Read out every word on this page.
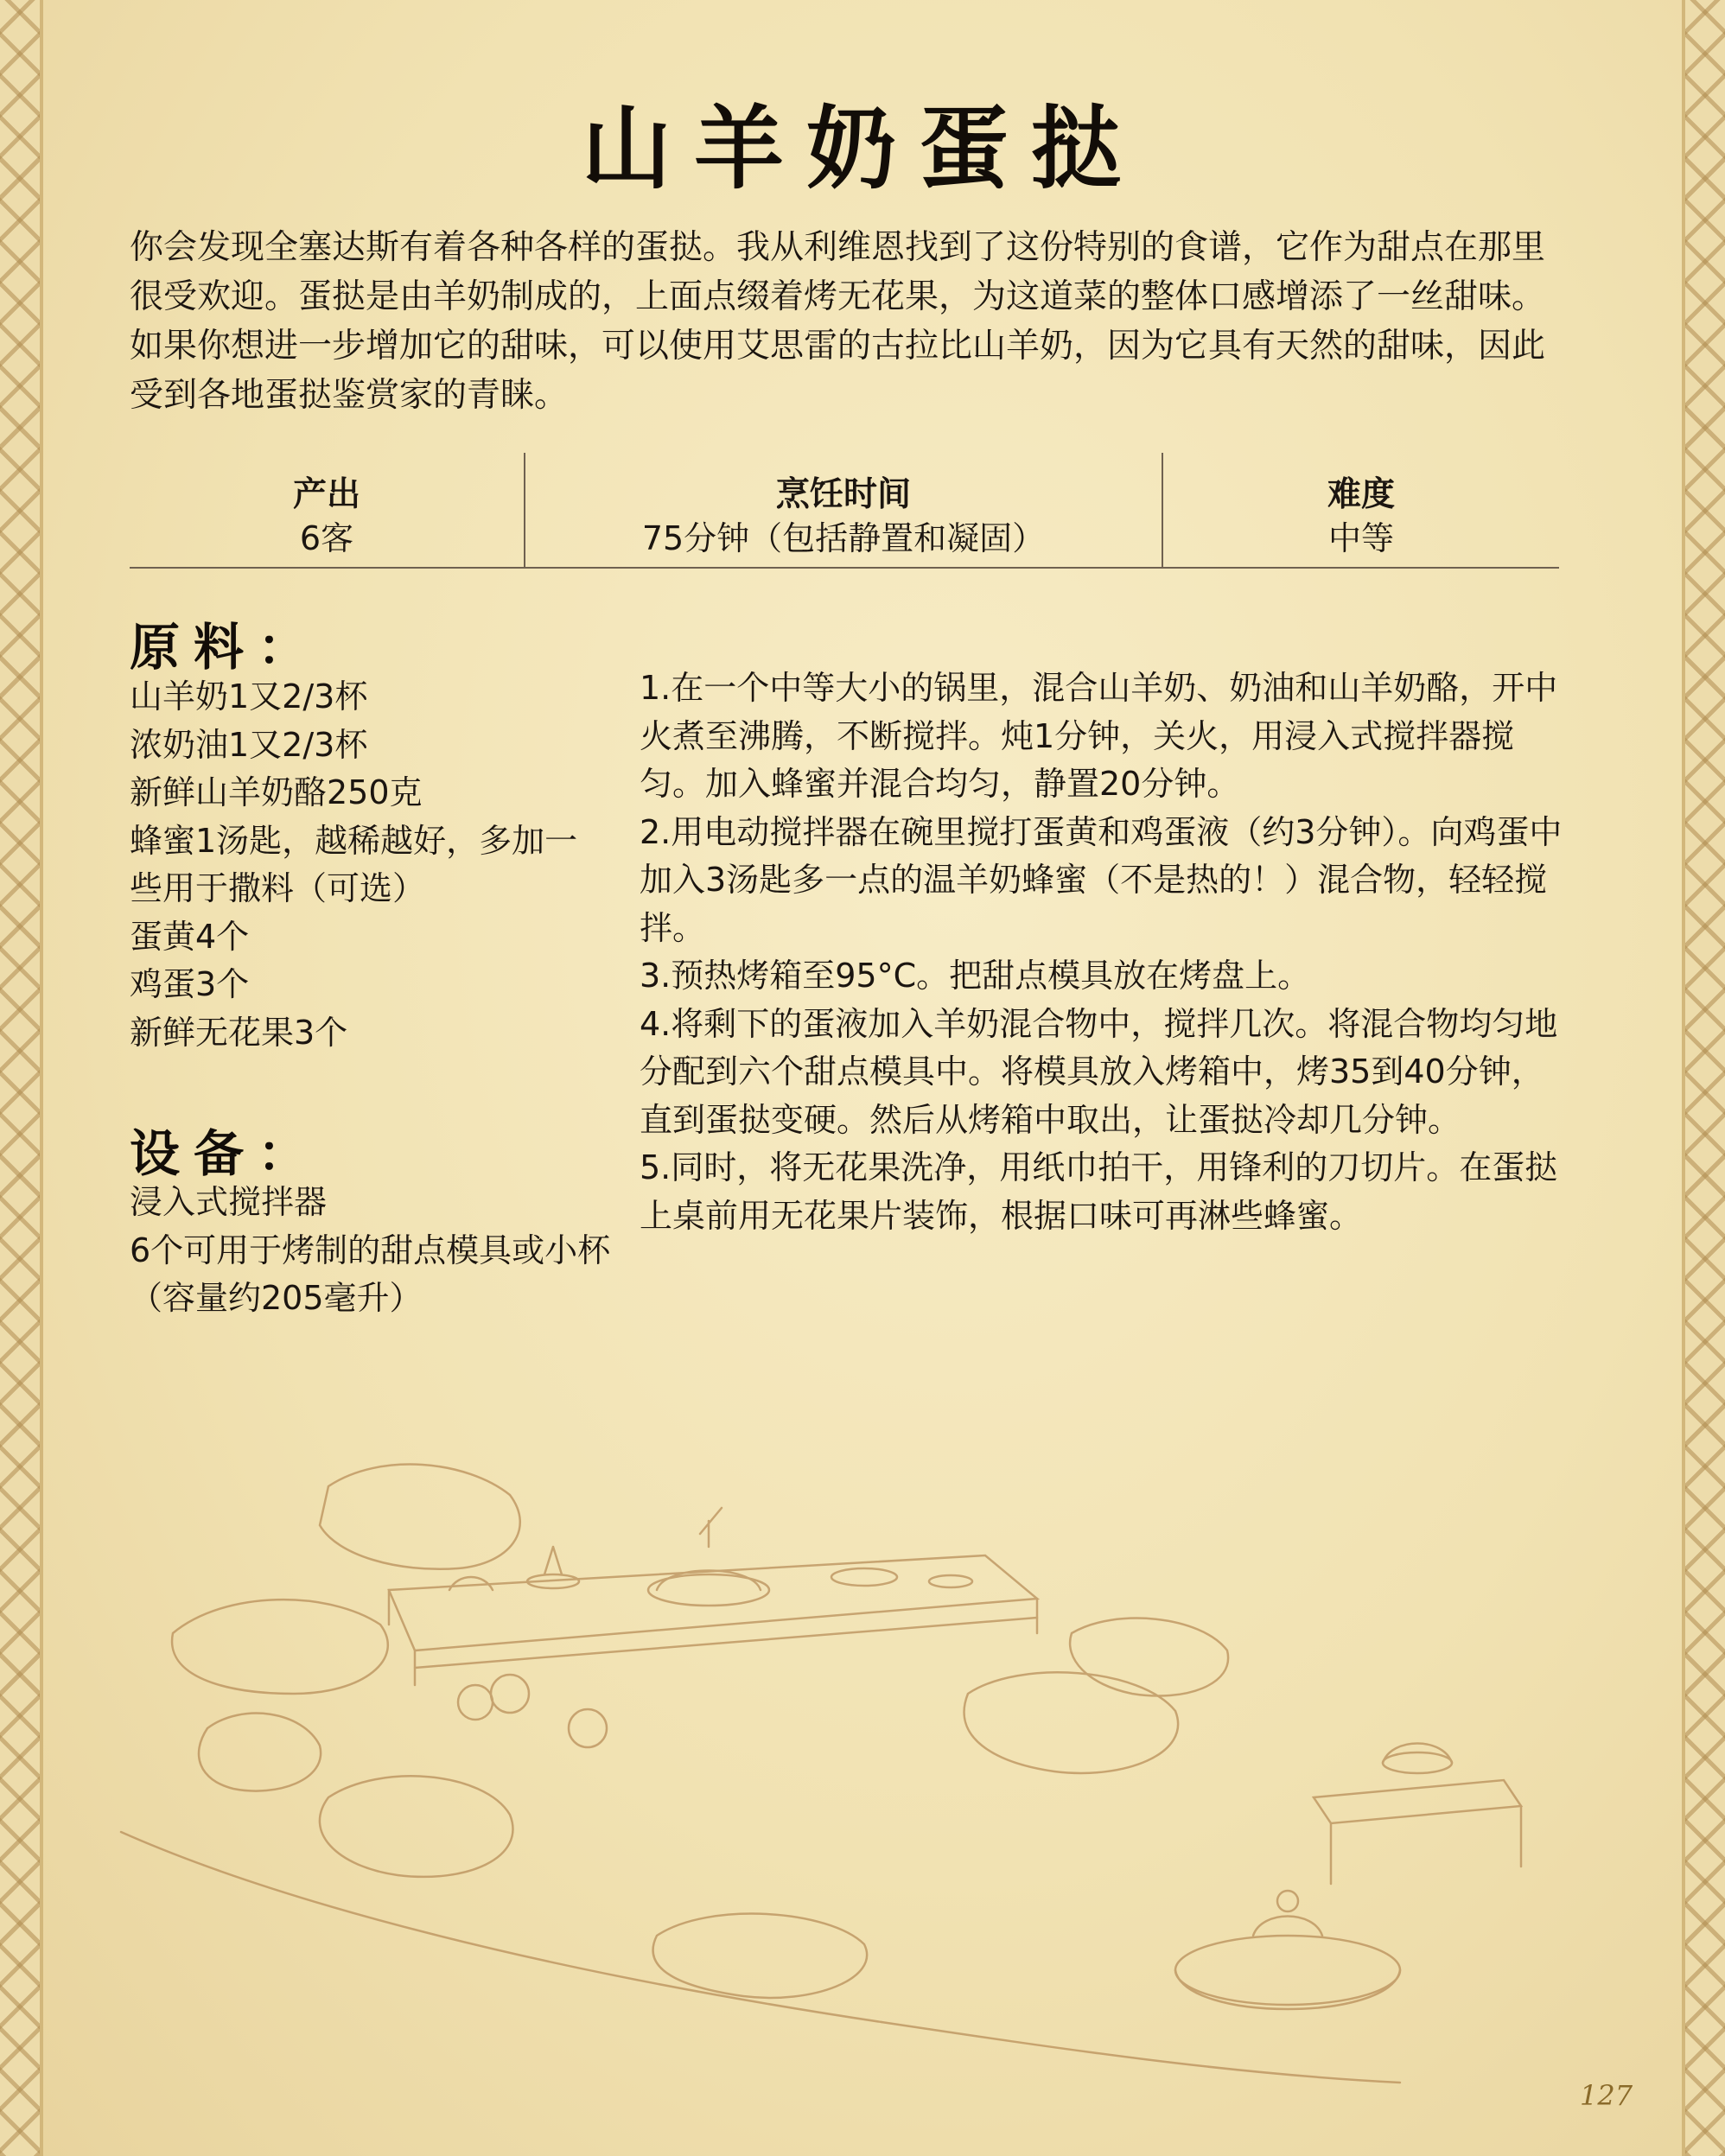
山羊奶蛋挞

你会发现全塞达斯有着各种各样的蛋挞。我从利维恩找到了这份特别的食谱，它作为甜点在那里很受欢迎。蛋挞是由羊奶制成的，上面点缀着烤无花果，为这道菜的整体口感增添了一丝甜味。如果你想进一步增加它的甜味，可以使用艾思雷的古拉比山羊奶，因为它具有天然的甜味，因此受到各地蛋挞鉴赏家的青睐。

产出
6客
烹饪时间
75分钟（包括静置和凝固）
难度
中等
原料：
山羊奶1又2/3杯
浓奶油1又2/3杯
新鲜山羊奶酪250克
蜂蜜1汤匙，越稀越好，多加一些用于撒料（可选）
蛋黄4个
鸡蛋3个
新鲜无花果3个
设备：
浸入式搅拌器
6个可用于烤制的甜点模具或小杯（容量约205毫升）
1.在一个中等大小的锅里，混合山羊奶、奶油和山羊奶酪，开中火煮至沸腾，不断搅拌。炖1分钟，关火，用浸入式搅拌器搅匀。加入蜂蜜并混合均匀，静置20分钟。
2.用电动搅拌器在碗里搅打蛋黄和鸡蛋液（约3分钟）。向鸡蛋中加入3汤匙多一点的温羊奶蜂蜜（不是热的！）混合物，轻轻搅拌。
3.预热烤箱至95°C。把甜点模具放在烤盘上。
4.将剩下的蛋液加入羊奶混合物中，搅拌几次。将混合物均匀地分配到六个甜点模具中。将模具放入烤箱中，烤35到40分钟，直到蛋挞变硬。然后从烤箱中取出，让蛋挞冷却几分钟。
5.同时，将无花果洗净，用纸巾拍干，用锋利的刀切片。在蛋挞上桌前用无花果片装饰，根据口味可再淋些蜂蜜。
127
